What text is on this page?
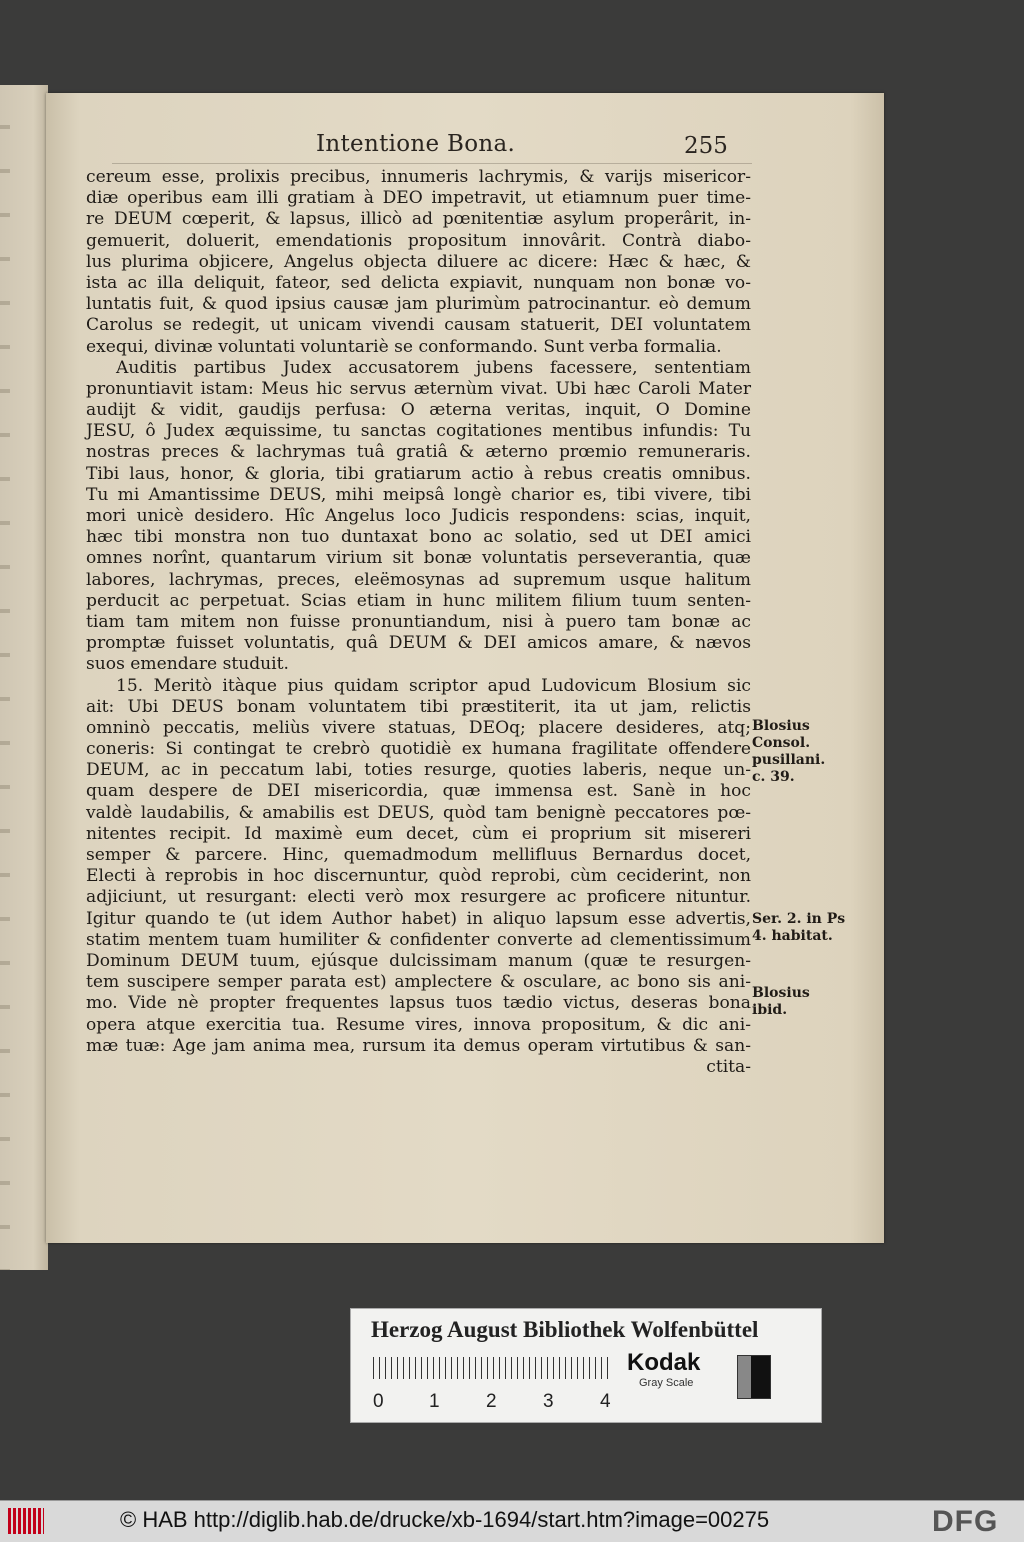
Intentione Bona.	255
cereum esse, prolixis precibus, innumeris lachrymis, & varijs misericor-
diæ operibus eam illi gratiam à DEO impetravit, ut etiamnum puer time-
re DEUM cœperit, & lapsus, illicò ad pœnitentiæ asylum properârit, in-
gemuerit, doluerit, emendationis propositum innovârit. Contrà diabo-
lus plurima objicere, Angelus objecta diluere ac dicere: Hæc & hæc, &
ista ac illa deliquit, fateor, sed delicta expiavit, nunquam non bonæ vo-
luntatis fuit, & quod ipsius causæ jam plurimùm patrocinantur. eò demum
Carolus se redegit, ut unicam vivendi causam statuerit, DEI voluntatem
exequi, divinæ voluntati voluntariè se conformando. Sunt verba formalia.
Auditis partibus Judex accusatorem jubens facessere, sententiam
pronuntiavit istam: Meus hic servus æternùm vivat. Ubi hæc Caroli Mater
audijt & vidit, gaudijs perfusa: O æterna veritas, inquit, O Domine
JESU, ô Judex æquissime, tu sanctas cogitationes mentibus infundis: Tu
nostras preces & lachrymas tuâ gratiâ & æterno prœmio remuneraris.
Tibi laus, honor, & gloria, tibi gratiarum actio à rebus creatis omnibus.
Tu mi Amantissime DEUS, mihi meipsâ longè charior es, tibi vivere, tibi
mori unicè desidero. Hîc Angelus loco Judicis respondens: scias, inquit,
hæc tibi monstra non tuo duntaxat bono ac solatio, sed ut DEI amici
omnes norînt, quantarum virium sit bonæ voluntatis perseverantia, quæ
labores, lachrymas, preces, eleëmosynas ad supremum usque halitum
perducit ac perpetuat. Scias etiam in hunc militem filium tuum senten-
tiam tam mitem non fuisse pronuntiandum, nisi à puero tam bonæ ac
promptæ fuisset voluntatis, quâ DEUM & DEI amicos amare, & nævos
suos emendare studuit.
15. Meritò itàque pius quidam scriptor apud Ludovicum Blosium sic
ait: Ubi DEUS bonam voluntatem tibi præstiterit, ita ut jam, relictis
omninò peccatis, meliùs vivere statuas, DEOq; placere desideres, atq;
coneris: Si contingat te crebrò quotidiè ex humana fragilitate offendere
DEUM, ac in peccatum labi, toties resurge, quoties laberis, neque un-
quam despere de DEI misericordia, quæ immensa est. Sanè in hoc
valdè laudabilis, & amabilis est DEUS, quòd tam benignè peccatores pœ-
nitentes recipit. Id maximè eum decet, cùm ei proprium sit misereri
semper & parcere. Hinc, quemadmodum mellifluus Bernardus docet,
Electi à reprobis in hoc discernuntur, quòd reprobi, cùm ceciderint, non
adjiciunt, ut resurgant: electi verò mox resurgere ac proficere nituntur.
Igitur quando te (ut idem Author habet) in aliquo lapsum esse advertis,
statim mentem tuam humiliter & confidenter converte ad clementissimum
Dominum DEUM tuum, ejúsque dulcissimam manum (quæ te resurgen-
tem suscipere semper parata est) amplectere & osculare, ac bono sis ani-
mo. Vide nè propter frequentes lapsus tuos tædio victus, deseras bona
opera atque exercitia tua. Resume vires, innova propositum, & dic ani-
mæ tuæ: Age jam anima mea, rursum ita demus operam virtutibus & san-
ctita-
Blosius
Consol.
pusillani.
c. 39.
Ser. 2. in Ps
4. habitat.
Blosius
ibid.
Herzog August Bibliothek Wolfenbüttel
0 1 2 3 4
Kodak
Gray Scale
© HAB http://diglib.hab.de/drucke/xb-1694/start.htm?image=00275	DFG
